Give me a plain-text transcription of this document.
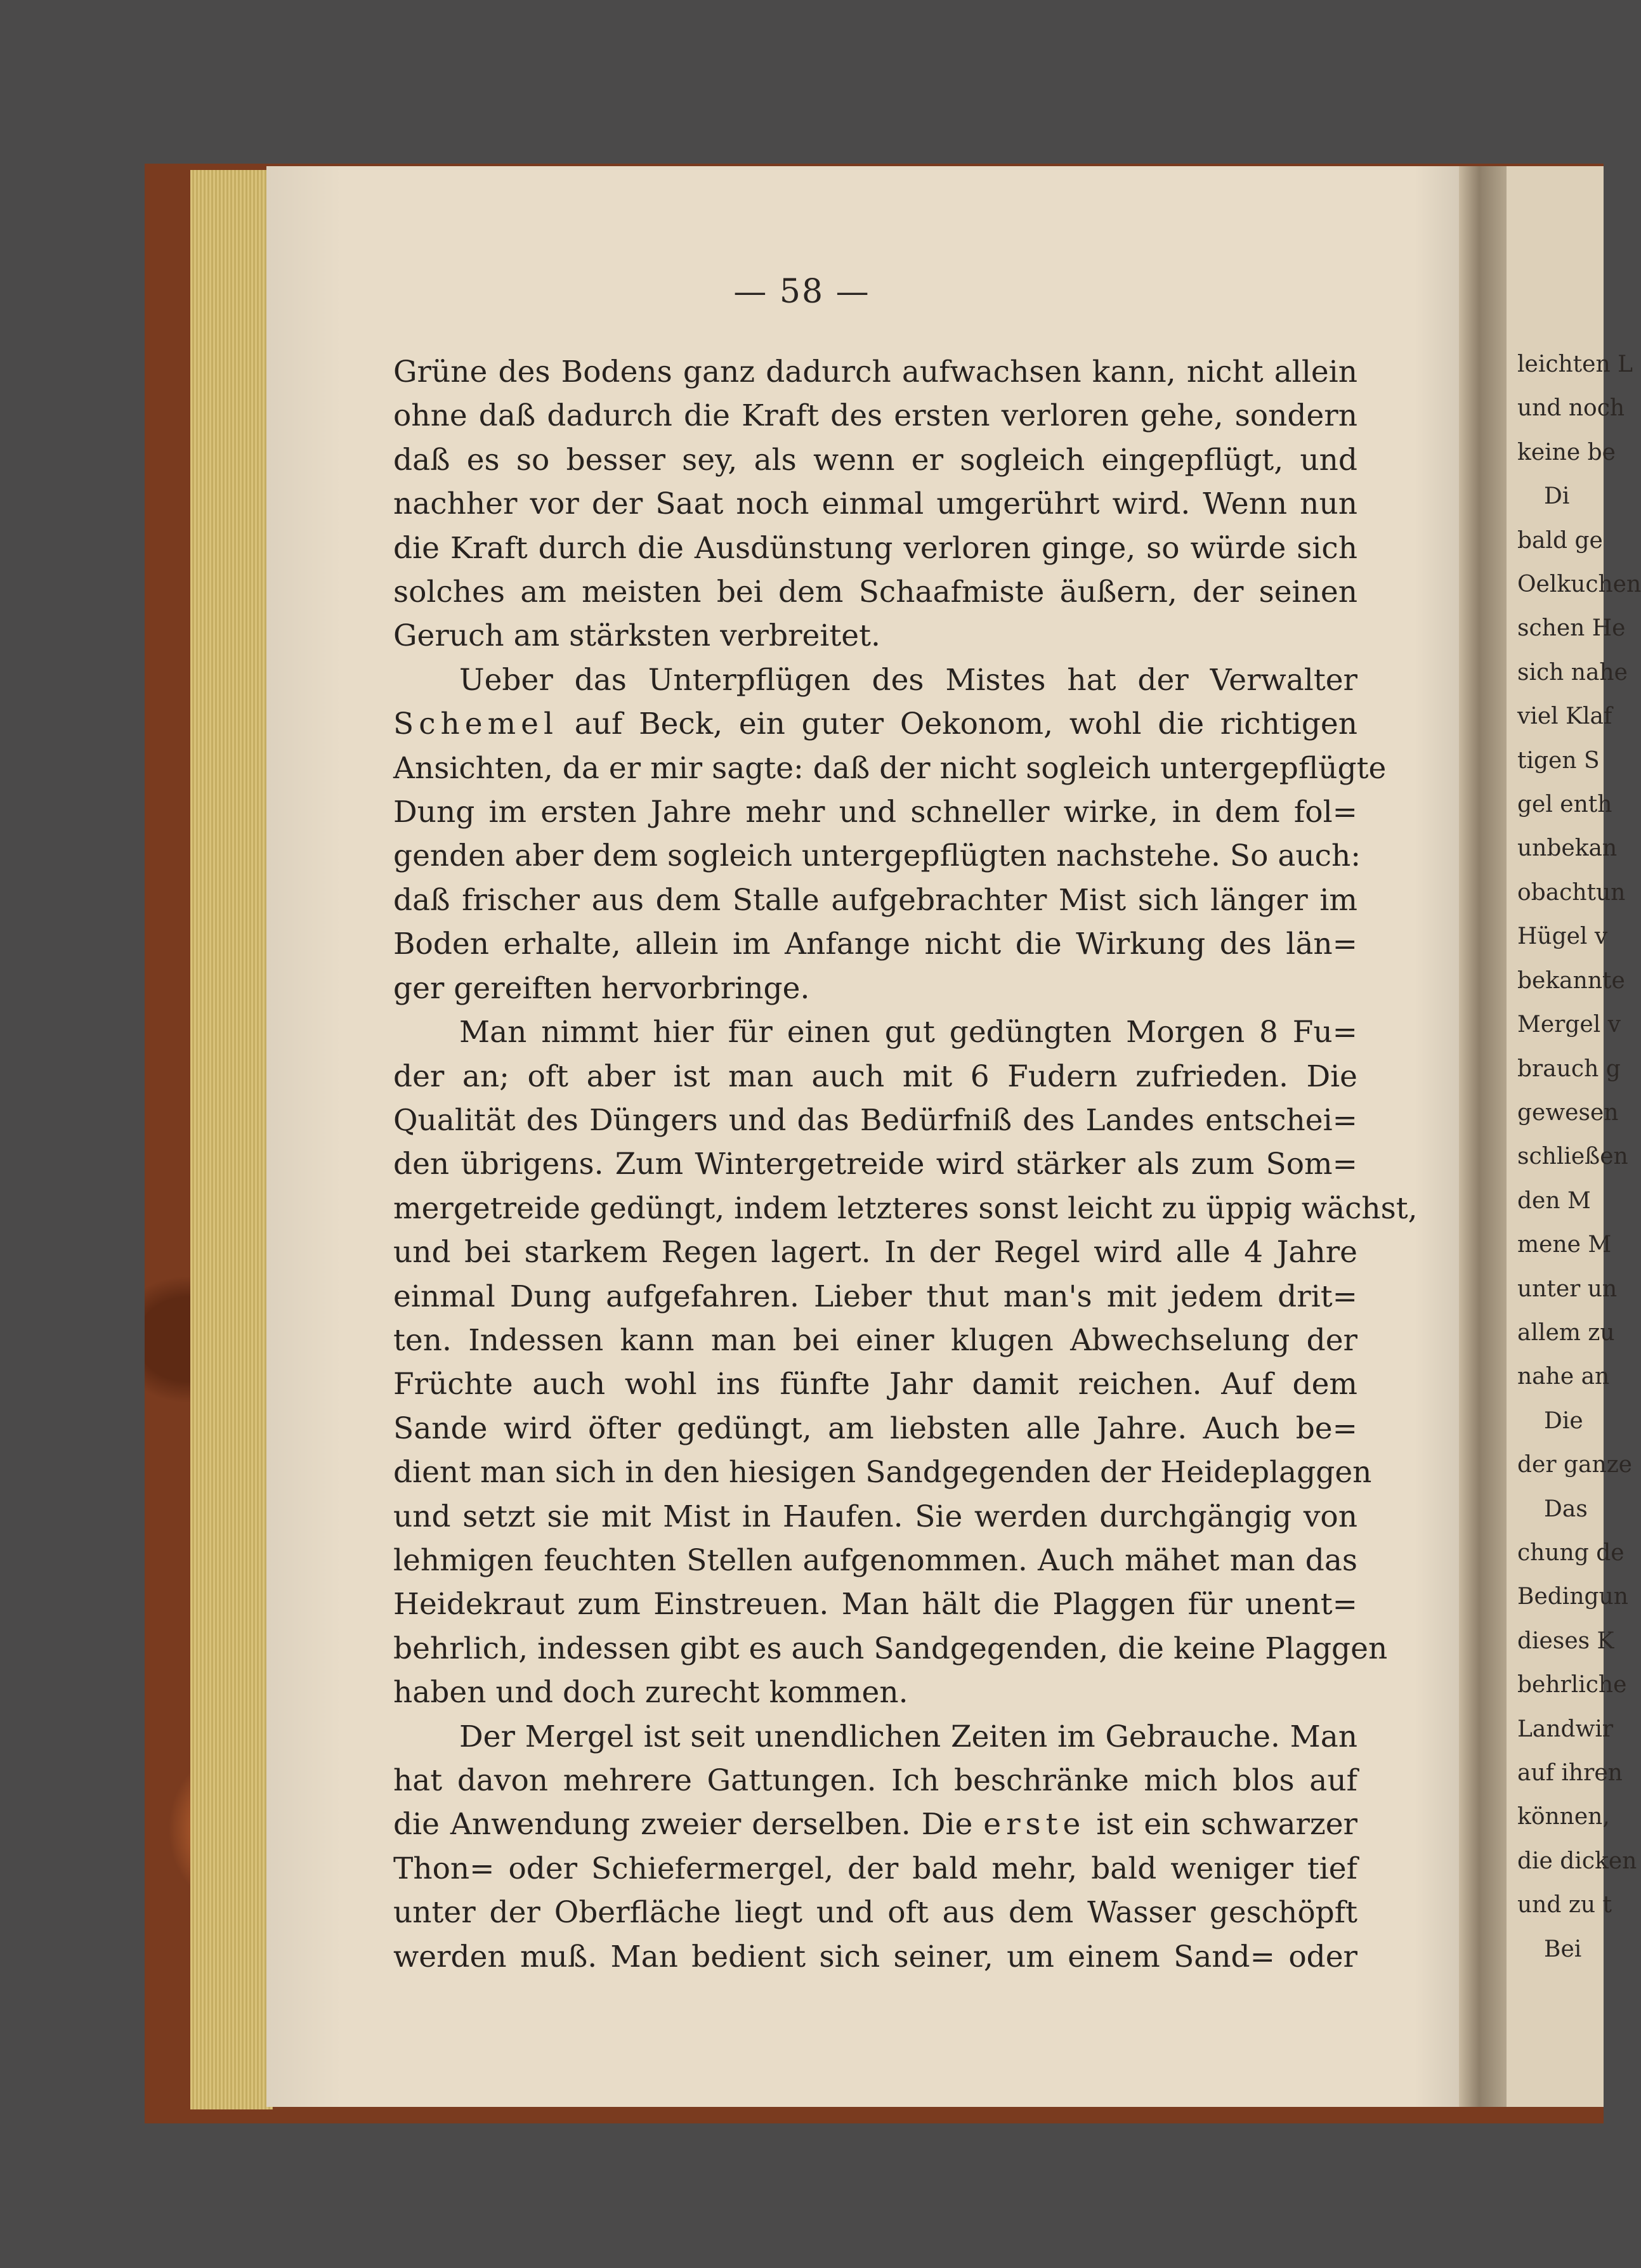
— 58 —
Grüne des Bodens ganz dadurch aufwachsen kann, nicht allein
ohne daß dadurch die Kraft des ersten verloren gehe, sondern
daß es so besser sey, als wenn er sogleich eingepflügt, und
nachher vor der Saat noch einmal umgerührt wird. Wenn nun
die Kraft durch die Ausdünstung verloren ginge, so würde sich
solches am meisten bei dem Schaafmiste äußern, der seinen
Geruch am stärksten verbreitet.
Ueber das Unterpflügen des Mistes hat der Verwalter
Schemel auf Beck, ein guter Oekonom, wohl die richtigen
Ansichten, da er mir sagte: daß der nicht sogleich untergepflügte
Dung im ersten Jahre mehr und schneller wirke, in dem fol=
genden aber dem sogleich untergepflügten nachstehe. So auch:
daß frischer aus dem Stalle aufgebrachter Mist sich länger im
Boden erhalte, allein im Anfange nicht die Wirkung des län=
ger gereiften hervorbringe.
Man nimmt hier für einen gut gedüngten Morgen 8 Fu=
der an; oft aber ist man auch mit 6 Fudern zufrieden. Die
Qualität des Düngers und das Bedürfniß des Landes entschei=
den übrigens. Zum Wintergetreide wird stärker als zum Som=
mergetreide gedüngt, indem letzteres sonst leicht zu üppig wächst,
und bei starkem Regen lagert. In der Regel wird alle 4 Jahre
einmal Dung aufgefahren. Lieber thut man's mit jedem drit=
ten. Indessen kann man bei einer klugen Abwechselung der
Früchte auch wohl ins fünfte Jahr damit reichen. Auf dem
Sande wird öfter gedüngt, am liebsten alle Jahre. Auch be=
dient man sich in den hiesigen Sandgegenden der Heideplaggen
und setzt sie mit Mist in Haufen. Sie werden durchgängig von
lehmigen feuchten Stellen aufgenommen. Auch mähet man das
Heidekraut zum Einstreuen. Man hält die Plaggen für unent=
behrlich, indessen gibt es auch Sandgegenden, die keine Plaggen
haben und doch zurecht kommen.
Der Mergel ist seit unendlichen Zeiten im Gebrauche. Man
hat davon mehrere Gattungen. Ich beschränke mich blos auf
die Anwendung zweier derselben. Die erste ist ein schwarzer
Thon= oder Schiefermergel, der bald mehr, bald weniger tief
unter der Oberfläche liegt und oft aus dem Wasser geschöpft
werden muß. Man bedient sich seiner, um einem Sand= oder
leichten L
und noch
keine be
Di
bald ge
Oelkuchen
schen He
sich nahe
viel Klaf
tigen S
gel enth
unbekan
obachtun
Hügel v
bekannte
Mergel v
brauch g
gewesen
schließen
den M
mene M
unter un
allem zu
nahe an
Die
der ganze
Das
chung de
Bedingun
dieses K
behrliche
Landwir
auf ihren
können,
die dicken
und zu t
Bei
